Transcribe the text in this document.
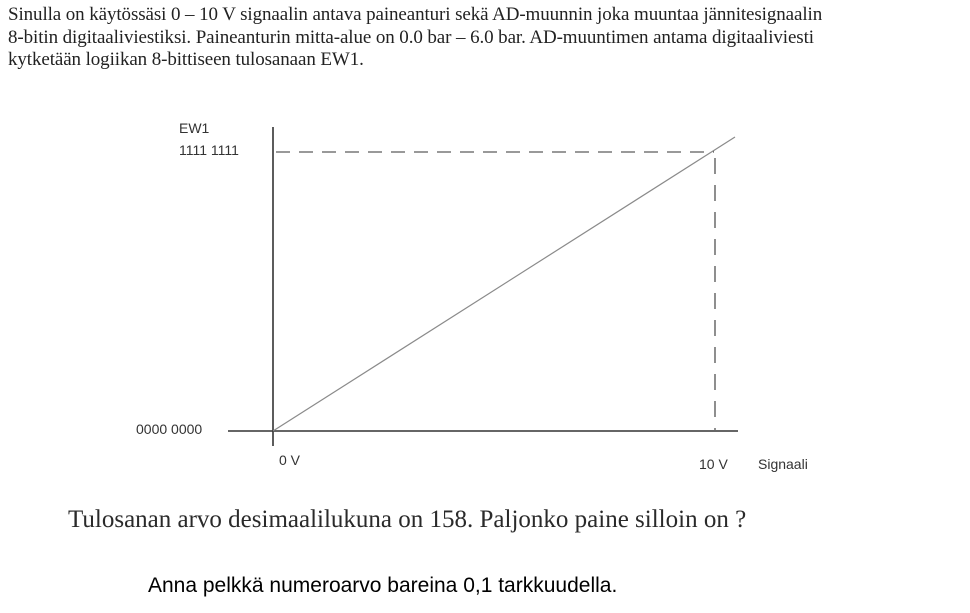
Sinulla on käytössäsi 0 – 10 V signaalin antava paineanturi sekä AD-muunnin joka muuntaa jännitesignaalin
8-bitin digitaaliviestiksi. Paineanturin mitta-alue on 0.0 bar – 6.0 bar. AD-muuntimen antama digitaaliviesti
kytketään logiikan 8-bittiseen tulosanaan EW1.
EW1
1111 1111
0000 0000
0 V	10 V Signaali
Tulosanan arvo desimaalilukuna on 158. Paljonko paine silloin on ?
Anna pelkkä numeroarvo bareina 0,1 tarkkuudella.
